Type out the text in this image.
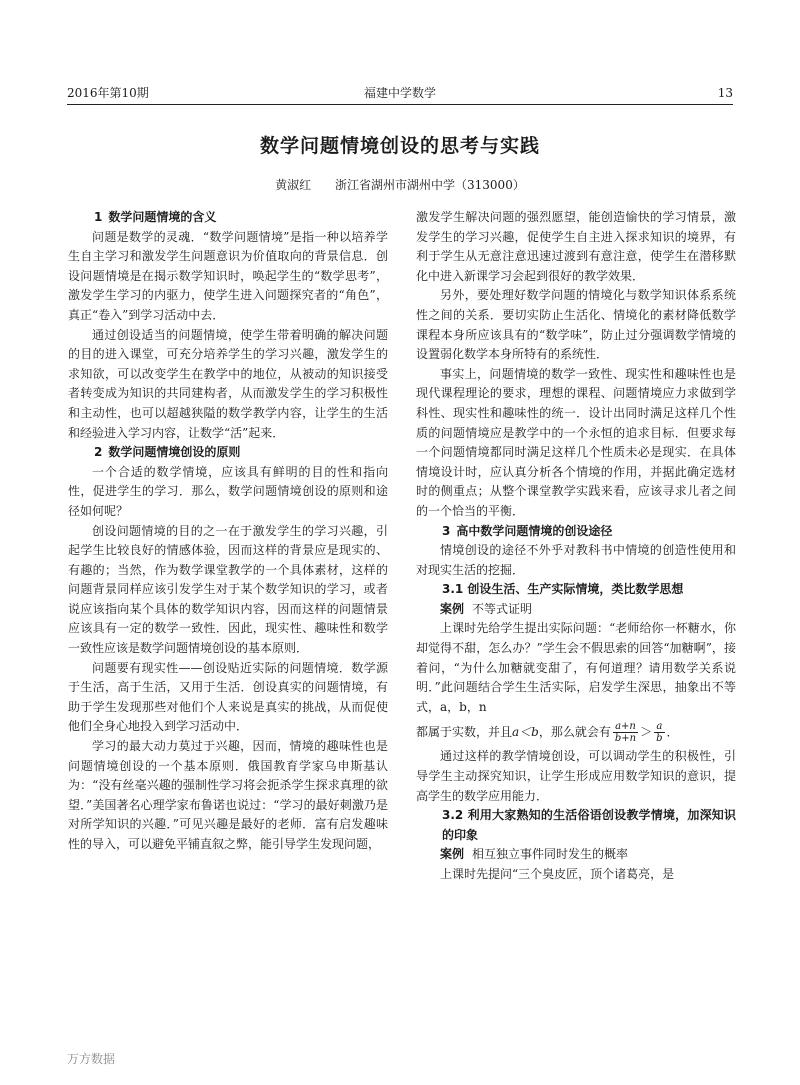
2016年第10期	福建中学数学	13
数学问题情境创设的思考与实践
黄淑红 浙江省湖州市湖州中学（313000）
1 数学问题情境的含义

问题是数学的灵魂．“数学问题情境”是指一种以培养学生自主学习和激发学生问题意识为价值取向的背景信息．创设问题情境是在揭示数学知识时，唤起学生的“数学思考”，激发学生学习的内驱力，使学生进入问题探究者的“角色”，真正“卷入”到学习活动中去．

通过创设适当的问题情境，使学生带着明确的解决问题的目的进入课堂，可充分培养学生的学习兴趣，激发学生的求知欲，可以改变学生在教学中的地位，从被动的知识接受者转变成为知识的共同建构者，从而激发学生的学习积极性和主动性，也可以超越狭隘的数学教学内容，让学生的生活和经验进入学习内容，让数学“活”起来．

2 数学问题情境创设的原则

一个合适的数学情境，应该具有鲜明的目的性和指向性，促进学生的学习．那么，数学问题情境创设的原则和途径如何呢？

创设问题情境的目的之一在于激发学生的学习兴趣，引起学生比较良好的情感体验，因而这样的背景应是现实的、有趣的；当然，作为数学课堂教学的一个具体素材，这样的问题背景同样应该引发学生对于某个数学知识的学习，或者说应该指向某个具体的数学知识内容，因而这样的问题情景应该具有一定的数学一致性．因此，现实性、趣味性和数学一致性应该是数学问题情境创设的基本原则．

问题要有现实性——创设贴近实际的问题情境．数学源于生活，高于生活，又用于生活．创设真实的问题情境，有助于学生发现那些对他们个人来说是真实的挑战，从而促使他们全身心地投入到学习活动中．

学习的最大动力莫过于兴趣，因而，情境的趣味性也是问题情境创设的一个基本原则．俄国教育学家乌申斯基认为：“没有丝毫兴趣的强制性学习将会扼杀学生探求真理的欲望．”美国著名心理学家布鲁诺也说过：“学习的最好刺激乃是对所学知识的兴趣．”可见兴趣是最好的老师．富有启发趣味性的导入，可以避免平铺直叙之弊，能引导学生发现问题，

激发学生解决问题的强烈愿望，能创造愉快的学习情景，激发学生的学习兴趣，促使学生自主进入探求知识的境界，有利于学生从无意注意迅速过渡到有意注意，使学生在潜移默化中进入新课学习会起到很好的教学效果．

另外，要处理好数学问题的情境化与数学知识体系系统性之间的关系．要切实防止生活化、情境化的素材降低数学课程本身所应该具有的“数学味”，防止过分强调数学情境的设置弱化数学本身所特有的系统性．

事实上，问题情境的数学一致性、现实性和趣味性也是现代课程理论的要求，理想的课程、问题情境应力求做到学科性、现实性和趣味性的统一．设计出同时满足这样几个性质的问题情境应是教学中的一个永恒的追求目标．但要求每一个问题情境都同时满足这样几个性质未必是现实．在具体情境设计时，应认真分析各个情境的作用，并据此确定选材时的侧重点；从整个课堂教学实践来看，应该寻求儿者之间的一个恰当的平衡．

3 高中数学问题情境的创设途径

情境创设的途径不外乎对教科书中情境的创造性使用和对现实生活的挖掘．

3.1 创设生活、生产实际情境，类比数学思想

案例 不等式证明

上课时先给学生提出实际问题：“老师给你一杯糖水，你却觉得不甜，怎么办？”学生会不假思索的回答“加糖啊”，接着问，“为什么加糖就变甜了，有何道理？请用数学关系说明．”此问题结合学生生活实际，启发学生深思，抽象出不等式，a，b，n

都属于实数，并且a＜b，那么就会有 $\frac{a+n}{b+n} > \frac{a}{b}$ ．

通过这样的教学情境创设，可以调动学生的积极性，引导学生主动探究知识，让学生形成应用数学知识的意识，提高学生的数学应用能力．

3.2 利用大家熟知的生活俗语创设教学情境，加深知识的印象

案例 相互独立事件同时发生的概率

上课时先提问“三个臭皮匠，顶个诸葛亮，是

万方数据
